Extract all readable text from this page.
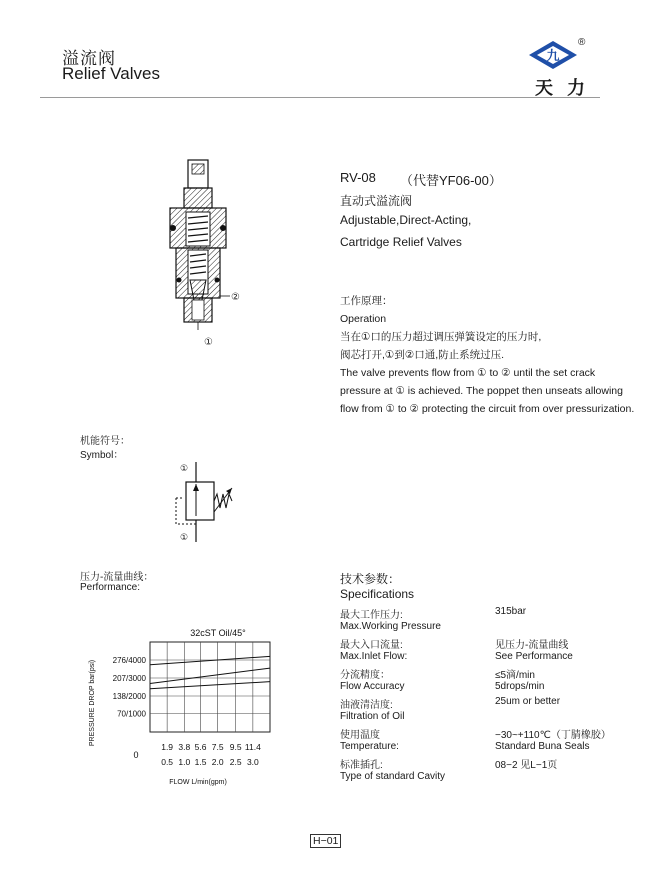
溢流阀
Relief Valves
九
®
天力
②
①
RV-08 （代替YF06-00）
直动式溢流阀
Adjustable,Direct-Acting,
Cartridge Relief Valves
工作原理：
Operation
当在①口的压力超过调压弹簧设定的压力时,
阀芯打开,①到②口通,防止系统过压.
The valve prevents flow from ① to ② until the set crack
pressure at ① is achieved. The poppet then unseats allowing
flow from ① to ② protecting the circuit from over pressurization.
机能符号：
Symbol：
①
①
压力-流量曲线：
Performance:
1.9
0.5
3.8
1.0
5.6
1.5
7.5
2.0
9.5
2.5
11.4
3.0
276/4000
207/3000
138/2000
70/1000
32cST Oil/45°
FLOW L/min(gpm)
0
PRESSURE DROP bar(psi)
技术参数：
Specifications
最大工作压力:
Max.Working Pressure
最大入口流量:
Max.Inlet Flow:
分流精度：
Flow Accuracy
油液清洁度:
Filtration of Oil
使用温度
Temperature:
标准插孔:
Type of standard Cavity
315bar
见压力-流量曲线
See Performance
≤5滴/min
5drops/min
25um or better
−30~+110℃（丁腈橡胶）
Standard Buna Seals
08−2 见L−1页
H−01
